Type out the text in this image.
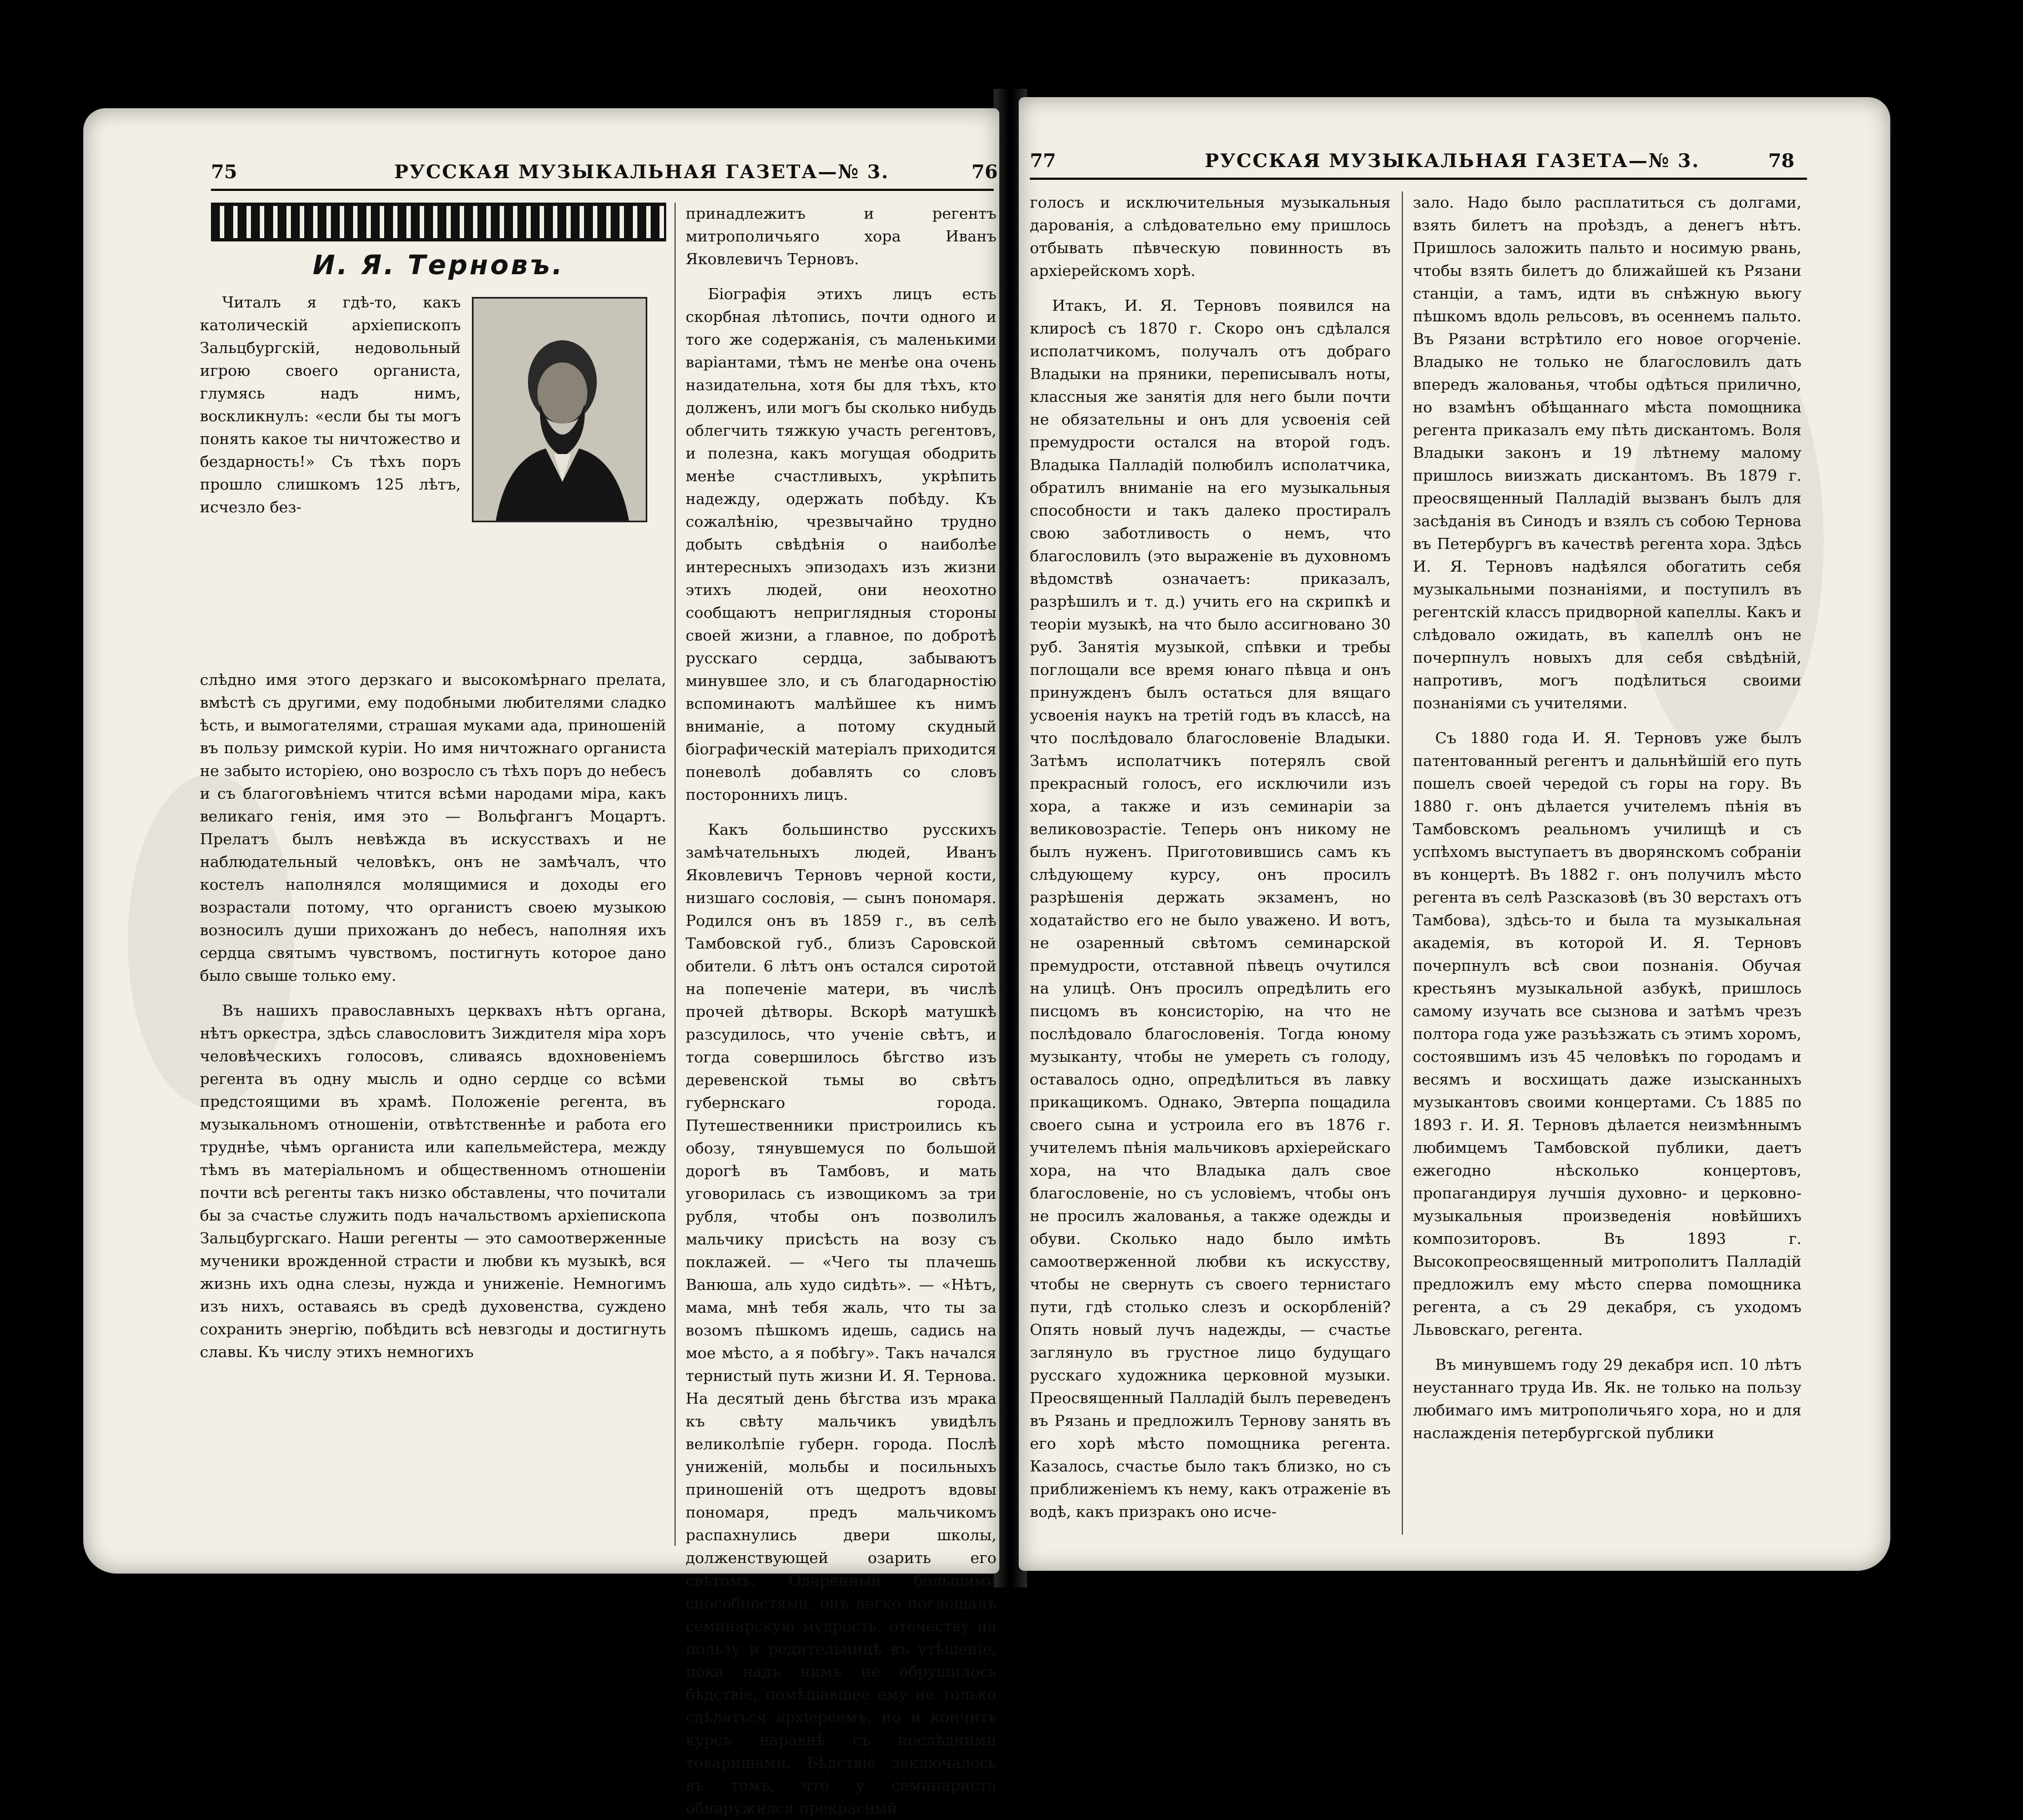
75	РУССКАЯ МУЗЫКАЛЬНАЯ ГАЗЕТА—№ 3.	76
И. Я. Терновъ.

Читалъ я гдѣ-то, какъ католическій архіепископъ Зальцбургскій, недовольный игрою своего органиста, глумясь надъ нимъ, воскликнулъ: «если бы ты могъ понять какое ты ничтожество и бездарность!» Съ тѣхъ поръ прошло слишкомъ 125 лѣтъ, исчезло без-

слѣдно имя этого дерзкаго и высокомѣрнаго прелата, вмѣстѣ съ другими, ему подобными любителями сладко ѣсть, и вымогателями, страшая муками ада, приношеній въ пользу римской куріи. Но имя ничтожнаго органиста не забыто исторіею, оно возросло съ тѣхъ поръ до небесъ и съ благоговѣніемъ чтится всѣми народами міра, какъ великаго генія, имя это — Вольфгангъ Моцартъ. Прелатъ былъ невѣжда въ искусствахъ и не наблюдательный человѣкъ, онъ не замѣчалъ, что костелъ наполнялся молящимися и доходы его возрастали потому, что органистъ своею музыкою возносилъ души прихожанъ до небесъ, наполняя ихъ сердца святымъ чувствомъ, постигнуть которое дано было свыше только ему.

Въ нашихъ православныхъ церквахъ нѣтъ органа, нѣтъ оркестра, здѣсь славословитъ Зиждителя міра хоръ человѣческихъ голосовъ, сливаясь вдохновеніемъ регента въ одну мысль и одно сердце со всѣми предстоящими въ храмѣ. Положеніе регента, въ музыкальномъ отношеніи, отвѣтственнѣе и работа его труднѣе, чѣмъ органиста или капельмейстера, между тѣмъ въ матеріальномъ и общественномъ отношеніи почти всѣ регенты такъ низко обставлены, что почитали бы за счастье служить подъ начальствомъ архіепископа Зальцбургскаго. Наши регенты — это самоотверженные мученики врожденной страсти и любви къ музыкѣ, вся жизнь ихъ одна слезы, нужда и униженіе. Немногимъ изъ нихъ, оставаясь въ средѣ духовенства, суждено сохранить энергію, побѣдить всѣ невзгоды и достигнуть славы. Къ числу этихъ немногихъ

принадлежитъ и регентъ митрополичьяго хора Иванъ Яковлевичъ Терновъ.

Біографія этихъ лицъ есть скорбная лѣтопись, почти одного и того же содержанія, съ маленькими варіантами, тѣмъ не менѣе она очень назидательна, хотя бы для тѣхъ, кто долженъ, или могъ бы сколько нибудь облегчить тяжкую участь регентовъ, и полезна, какъ могущая ободрить менѣе счастливыхъ, укрѣпить надежду, одержать побѣду. Къ сожалѣнію, чрезвычайно трудно добыть свѣдѣнія о наиболѣе интересныхъ эпизодахъ изъ жизни этихъ людей, они неохотно сообщаютъ неприглядныя стороны своей жизни, а главное, по добротѣ русскаго сердца, забываютъ минувшее зло, и съ благодарностію вспоминаютъ малѣйшее къ нимъ вниманіе, а потому скудный біографическій матеріалъ приходится поневолѣ добавлять со словъ постороннихъ лицъ.

Какъ большинство русскихъ замѣчательныхъ людей, Иванъ Яковлевичъ Терновъ черной кости, низшаго сословія, — сынъ пономаря. Родился онъ въ 1859 г., въ селѣ Тамбовской губ., близъ Саровской обители. 6 лѣтъ онъ остался сиротой на попеченіе матери, въ числѣ прочей дѣтворы. Вскорѣ матушкѣ разсудилось, что ученіе свѣтъ, и тогда совершилось бѣгство изъ деревенской тьмы во свѣтъ губернскаго города. Путешественники пристроились къ обозу, тянувшемуся по большой дорогѣ въ Тамбовъ, и мать уговорилась съ извощикомъ за три рубля, чтобы онъ позволилъ мальчику присѣсть на возу съ поклажей. — «Чего ты плачешь Ванюша, аль худо сидѣть». — «Нѣтъ, мама, мнѣ тебя жаль, что ты за возомъ пѣшкомъ идешь, садись на мое мѣсто, а я побѣгу». Такъ начался тернистый путь жизни И. Я. Тернова. На десятый день бѣгства изъ мрака къ свѣту мальчикъ увидѣлъ великолѣпіе губерн. города. Послѣ униженій, мольбы и посильныхъ приношеній отъ щедротъ вдовы пономаря, предъ мальчикомъ распахнулись двери школы, долженствующей озарить его свѣтомъ. Одаренный большими способностями, онъ легко поглощалъ семинарскую мудрость, отечеству на пользу и родительницѣ въ утѣшеніе, пока надъ нимъ не обрушилось бѣдствіе, помѣшавшее ему не только сдѣлаться архіереемъ, но и кончить курсъ наравнѣ съ послѣдними товарищами. Бѣдствіе заключалось въ томъ, что у семинариста обнаружился прекрасный

77	РУССКАЯ МУЗЫКАЛЬНАЯ ГАЗЕТА—№ 3.	78

голосъ и исключительныя музыкальныя дарованія, а слѣдовательно ему пришлось отбывать пѣвческую повинность въ архіерейскомъ хорѣ.

Итакъ, И. Я. Терновъ появился на клиросѣ съ 1870 г. Скоро онъ сдѣлался исполатчикомъ, получалъ отъ добраго Владыки на пряники, переписывалъ ноты, классныя же занятія для него были почти не обязательны и онъ для усвоенія сей премудрости остался на второй годъ. Владыка Палладій полюбилъ исполатчика, обратилъ вниманіе на его музыкальныя способности и такъ далеко простиралъ свою заботливость о немъ, что благословилъ (это выраженіе въ духовномъ вѣдомствѣ означаетъ: приказалъ, разрѣшилъ и т. д.) учить его на скрипкѣ и теоріи музыкѣ, на что было ассигновано 30 руб. Занятія музыкой, спѣвки и требы поглощали все время юнаго пѣвца и онъ принужденъ былъ остаться для вящаго усвоенія наукъ на третій годъ въ классѣ, на что послѣдовало благословеніе Владыки. Затѣмъ исполатчикъ потерялъ свой прекрасный голосъ, его исключили изъ хора, а также и изъ семинаріи за великовозрастіе. Теперь онъ никому не былъ нуженъ. Приготовившись самъ къ слѣдующему курсу, онъ просилъ разрѣшенія держать экзаменъ, но ходатайство его не было уважено. И вотъ, не озаренный свѣтомъ семинарской премудрости, отставной пѣвецъ очутился на улицѣ. Онъ просилъ опредѣлить его писцомъ въ консисторію, на что не послѣдовало благословенія. Тогда юному музыканту, чтобы не умереть съ голоду, оставалось одно, опредѣлиться въ лавку прикащикомъ. Однако, Эвтерпа пощадила своего сына и устроила его въ 1876 г. учителемъ пѣнія мальчиковъ архіерейскаго хора, на что Владыка далъ свое благословеніе, но съ условіемъ, чтобы онъ не просилъ жалованья, а также одежды и обуви. Сколько надо было имѣть самоотверженной любви къ искусству, чтобы не свернуть съ своего тернистаго пути, гдѣ столько слезъ и оскорбленій? Опять новый лучъ надежды, — счастье заглянуло въ грустное лицо будущаго русскаго художника церковной музыки. Преосвященный Палладій былъ переведенъ въ Рязань и предложилъ Тернову занять въ его хорѣ мѣсто помощника регента. Казалось, счастье было такъ близко, но съ приближеніемъ къ нему, какъ отраженіе въ водѣ, какъ призракъ оно исче-

зало. Надо было расплатиться съ долгами, взять билетъ на проѣздъ, а денегъ нѣтъ. Пришлось заложить пальто и носимую рвань, чтобы взять билетъ до ближайшей къ Рязани станціи, а тамъ, идти въ снѣжную вьюгу пѣшкомъ вдоль рельсовъ, въ осеннемъ пальто. Въ Рязани встрѣтило его новое огорченіе. Владыко не только не благословилъ дать впередъ жалованья, чтобы одѣться прилично, но взамѣнъ обѣщаннаго мѣста помощника регента приказалъ ему пѣть дискантомъ. Воля Владыки законъ и 19 лѣтнему малому пришлось виизжать дискантомъ. Въ 1879 г. преосвященный Палладій вызванъ былъ для засѣданія въ Синодъ и взялъ съ собою Тернова въ Петербургъ въ качествѣ регента хора. Здѣсь И. Я. Терновъ надѣялся обогатить себя музыкальными познаніями, и поступилъ въ регентскій классъ придворной капеллы. Какъ и слѣдовало ожидать, въ капеллѣ онъ не почерпнулъ новыхъ для себя свѣдѣній, напротивъ, могъ подѣлиться своими познаніями съ учителями.

Съ 1880 года И. Я. Терновъ уже былъ патентованный регентъ и дальнѣйшій его путь пошелъ своей чередой съ горы на гору. Въ 1880 г. онъ дѣлается учителемъ пѣнія въ Тамбовскомъ реальномъ училищѣ и съ успѣхомъ выступаетъ въ дворянскомъ собраніи въ концертѣ. Въ 1882 г. онъ получилъ мѣсто регента въ селѣ Разсказовѣ (въ 30 верстахъ отъ Тамбова), здѣсь-то и была та музыкальная академія, въ которой И. Я. Терновъ почерпнулъ всѣ свои познанія. Обучая крестьянъ музыкальной азбукѣ, пришлось самому изучать все сызнова и затѣмъ чрезъ полтора года уже разъѣзжать съ этимъ хоромъ, состоявшимъ изъ 45 человѣкъ по городамъ и весямъ и восхищать даже изысканныхъ музыкантовъ своими концертами. Съ 1885 по 1893 г. И. Я. Терновъ дѣлается неизмѣннымъ любимцемъ Тамбовской публики, даетъ ежегодно нѣсколько концертовъ, пропагандируя лучшія духовно- и церковно-музыкальныя произведенія новѣйшихъ композиторовъ. Въ 1893 г. Высокопреосвященный митрополитъ Палладій предложилъ ему мѣсто сперва помощника регента, а съ 29 декабря, съ уходомъ Львовскаго, регента.

Въ минувшемъ году 29 декабря исп. 10 лѣтъ неустаннаго труда Ив. Як. не только на пользу любимаго имъ митрополичьяго хора, но и для наслажденія петербургской публики
